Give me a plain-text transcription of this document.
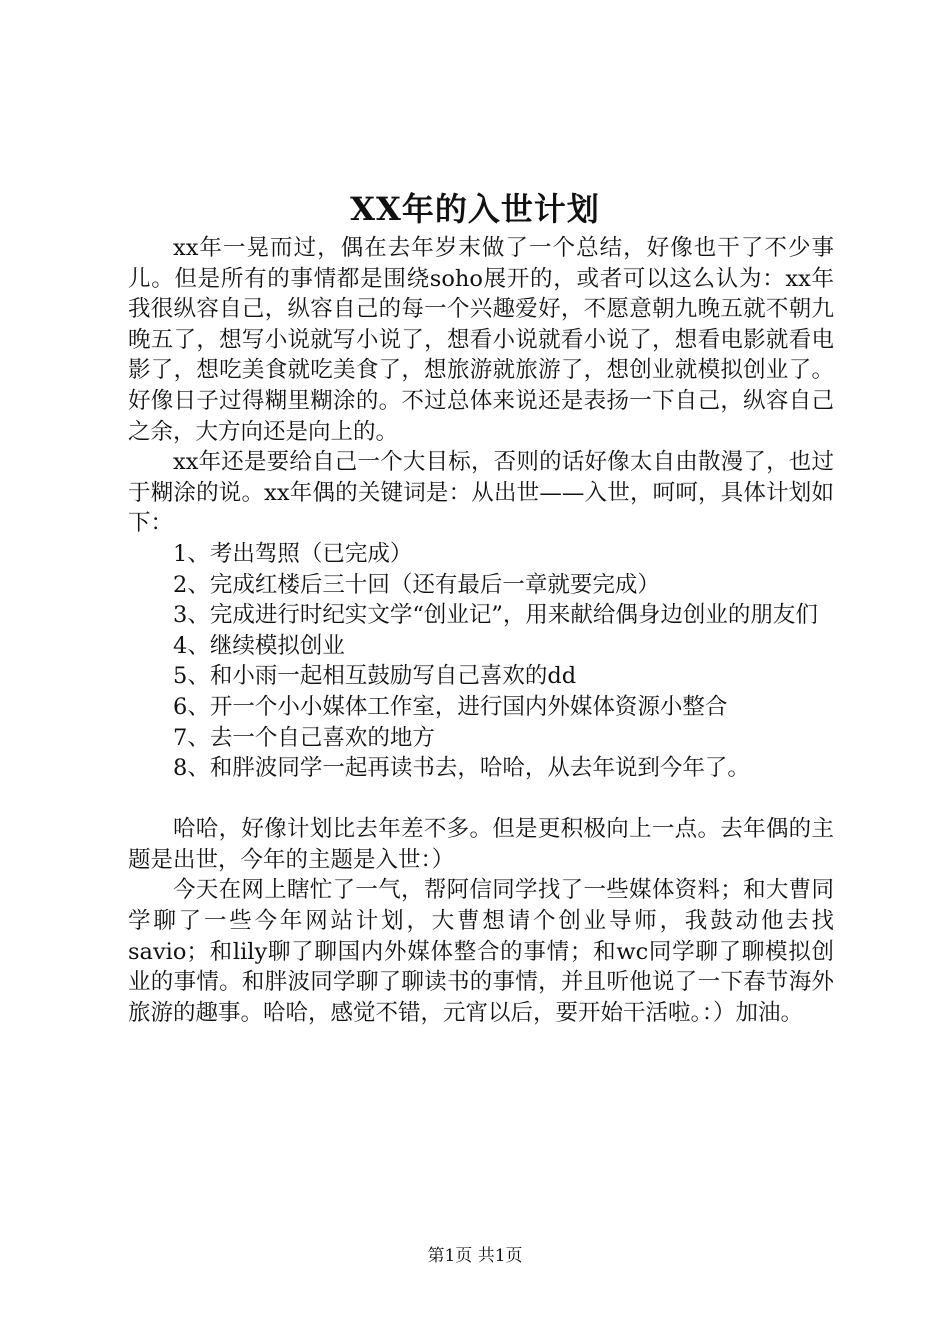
XX年的入世计划

xx年一晃而过，偶在去年岁末做了一个总结，好像也干了不少事儿。但是所有的事情都是围绕soho展开的，或者可以这么认为：xx年我很纵容自己，纵容自己的每一个兴趣爱好，不愿意朝九晚五就不朝九晚五了，想写小说就写小说了，想看小说就看小说了，想看电影就看电影了，想吃美食就吃美食了，想旅游就旅游了，想创业就模拟创业了。好像日子过得糊里糊涂的。不过总体来说还是表扬一下自己，纵容自己之余，大方向还是向上的。

xx年还是要给自己一个大目标，否则的话好像太自由散漫了，也过于糊涂的说。xx年偶的关键词是：从出世——入世，呵呵，具体计划如下：

1、考出驾照（已完成）

2、完成红楼后三十回（还有最后一章就要完成）

3、完成进行时纪实文学“创业记”，用来献给偶身边创业的朋友们

4、继续模拟创业

5、和小雨一起相互鼓励写自己喜欢的dd

6、开一个小小媒体工作室，进行国内外媒体资源小整合

7、去一个自己喜欢的地方

8、和胖波同学一起再读书去，哈哈，从去年说到今年了。

哈哈，好像计划比去年差不多。但是更积极向上一点。去年偶的主题是出世，今年的主题是入世：）

今天在网上瞎忙了一气，帮阿信同学找了一些媒体资料；和大曹同学聊了一些今年网站计划，大曹想请个创业导师，我鼓动他去找savio；和lily聊了聊国内外媒体整合的事情；和wc同学聊了聊模拟创业的事情。和胖波同学聊了聊读书的事情，并且听他说了一下春节海外旅游的趣事。哈哈，感觉不错，元宵以后，要开始干活啦。：）加油。

第1页 共1页
